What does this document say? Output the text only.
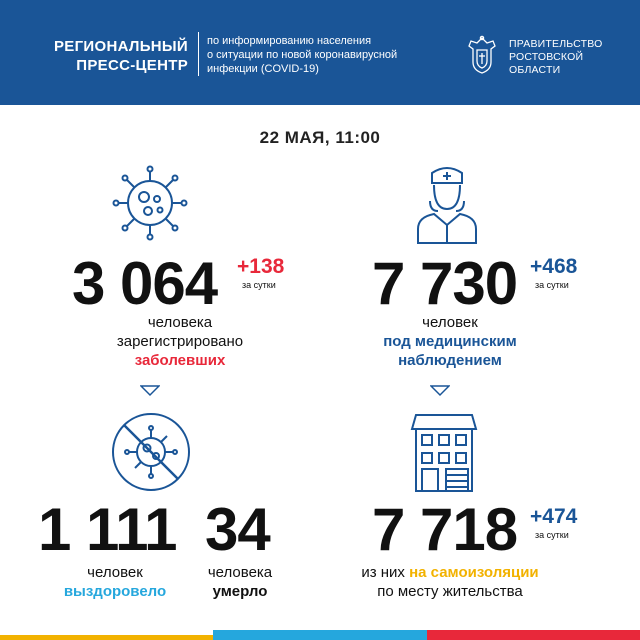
РЕГИОНАЛЬНЫЙ
ПРЕСС-ЦЕНТР
по информированию населения
о ситуации по новой коронавирусной
инфекции (COVID-19)
ПРАВИТЕЛЬСТВО
РОСТОВСКОЙ
ОБЛАСТИ
22 МАЯ, 11:00
3 064 +138
за сутки
человека
зарегистрировано
заболевших
7 730 +468
за сутки
человек
под медицинским
наблюдением
1 111
человек
выздоровело
34
человека
умерло
7 718 +474
за сутки
из них на самоизоляции
по месту жительства
